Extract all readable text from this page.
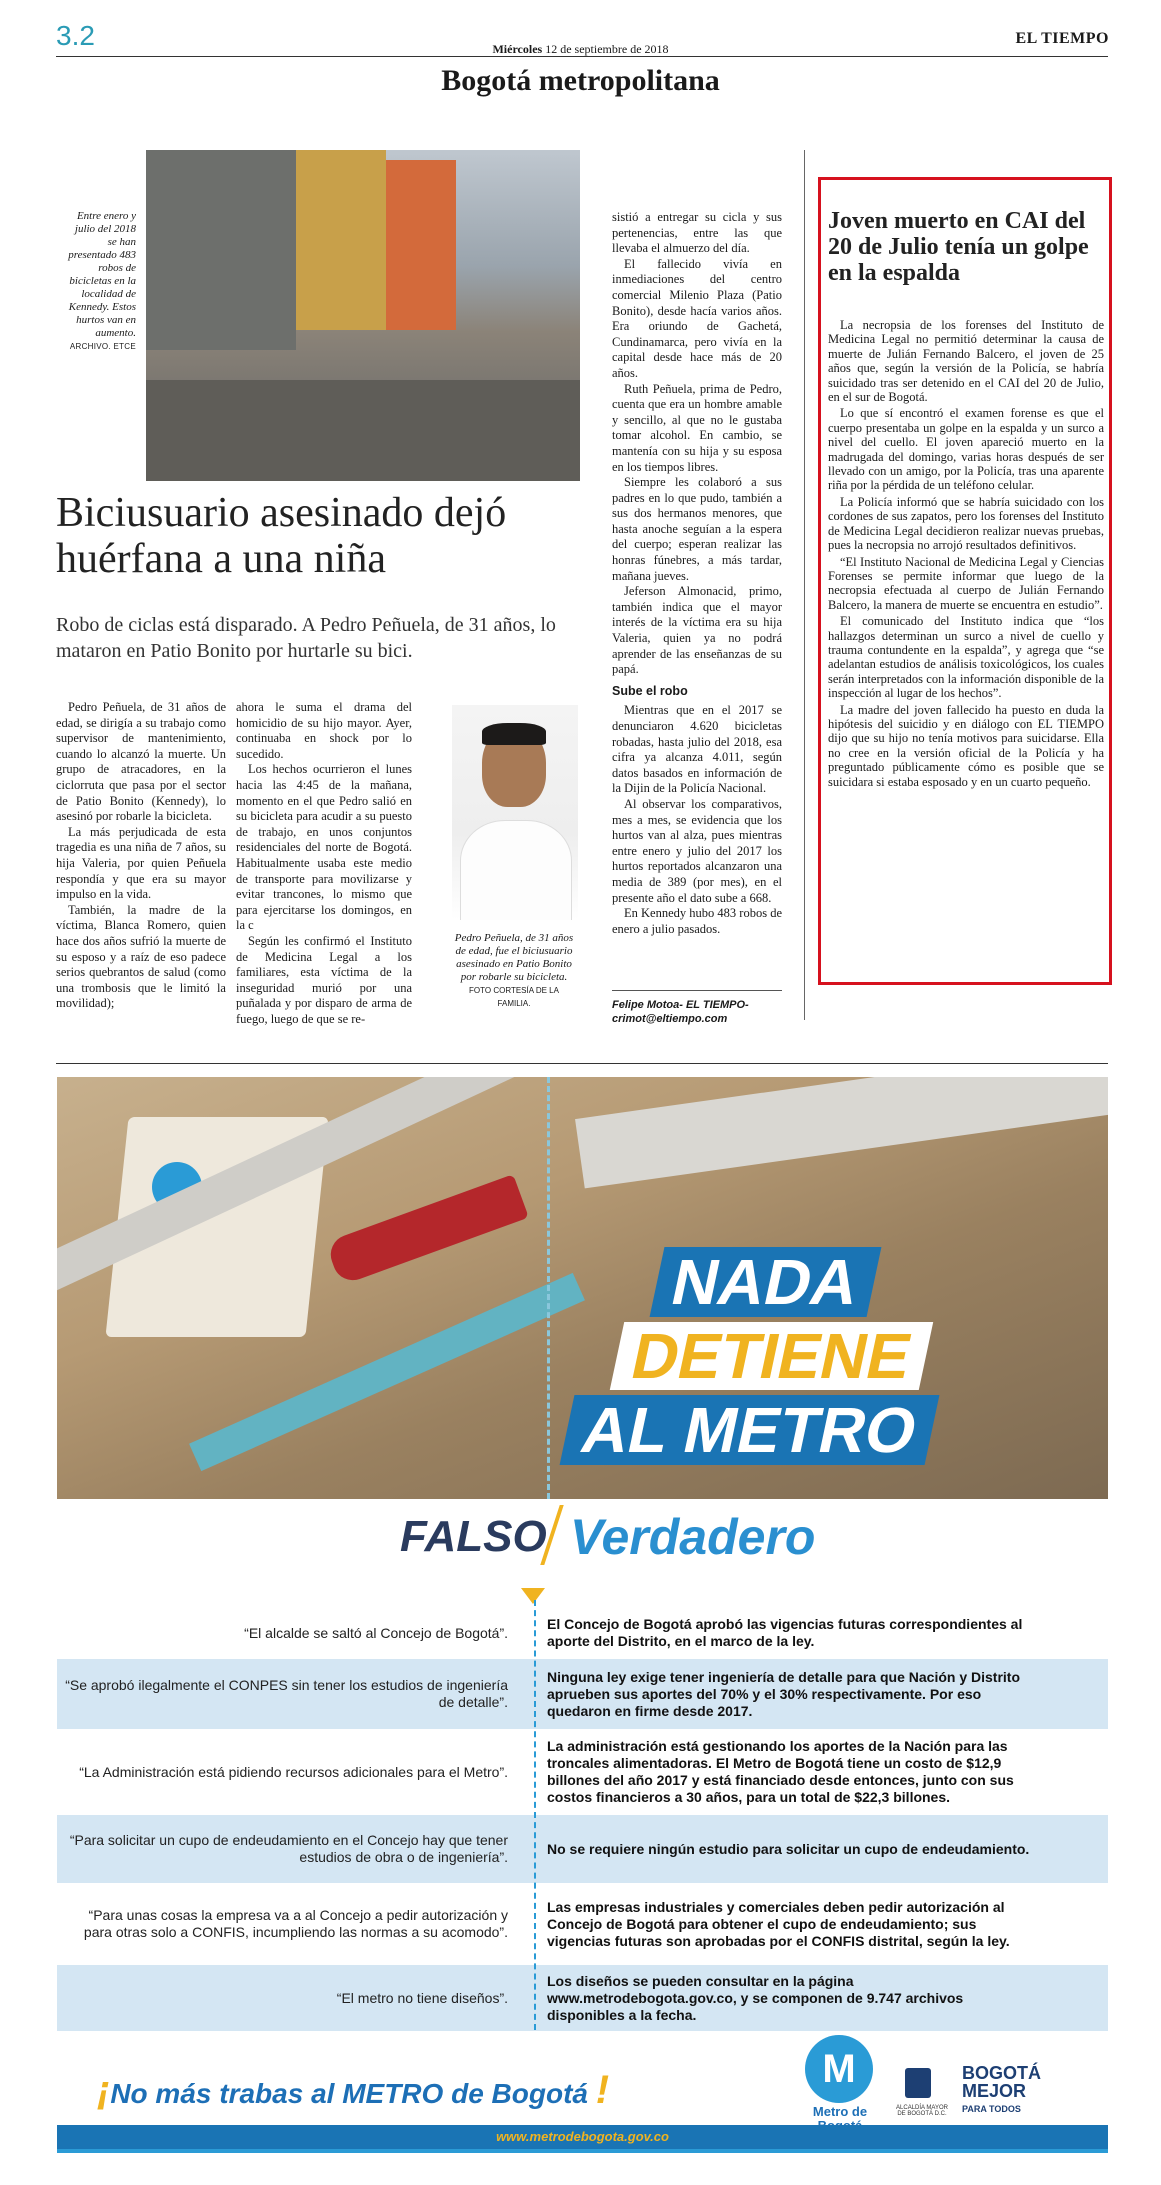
3.2	Miércoles 12 de septiembre de 2018
EL TIEMPO
Bogotá metropolitana
Entre enero y julio del 2018 se han presentado 483 robos de bicicletas en la localidad de Kennedy. Estos hurtos van en aumento.
ARCHIVO. ETCE
Biciusuario asesinado dejó huérfana a una niña
Robo de ciclas está disparado. A Pedro Peñuela, de 31 años, lo mataron en Patio Bonito por hurtarle su bici.

Pedro Peñuela, de 31 años de edad, se dirigía a su trabajo como supervisor de mantenimiento, cuando lo alcanzó la muerte. Un grupo de atracadores, en la ciclorruta que pasa por el sector de Patio Bonito (Kennedy), lo asesinó por robarle la bicicleta.

La más perjudicada de esta tragedia es una niña de 7 años, su hija Valeria, por quien Peñuela respondía y que era su mayor impulso en la vida.

También, la madre de la víctima, Blanca Romero, quien hace dos años sufrió la muerte de su esposo y a raíz de eso padece serios quebrantos de salud (como una trombosis que le limitó la movilidad);

ahora le suma el drama del homicidio de su hijo mayor. Ayer, continuaba en shock por lo sucedido.

Los hechos ocurrieron el lunes hacia las 4:45 de la mañana, momento en el que Pedro salió en su bicicleta para acudir a su puesto de trabajo, en unos conjuntos residenciales del norte de Bogotá. Habitualmente usaba este medio de transporte para movilizarse y evitar trancones, lo mismo que para ejercitarse los domingos, en la c

Según les confirmó el Instituto de Medicina Legal a los familiares, esta víctima de la inseguridad murió por una puñalada y por disparo de arma de fuego, luego de que se re-

Pedro Peñuela, de 31 años de edad, fue el biciusuario asesinado en Patio Bonito por robarle su bicicleta. FOTO CORTESÍA DE LA FAMILIA.

sistió a entregar su cicla y sus pertenencias, entre las que llevaba el almuerzo del día.

El fallecido vivía en inmediaciones del centro comercial Milenio Plaza (Patio Bonito), desde hacía varios años. Era oriundo de Gachetá, Cundinamarca, pero vivía en la capital desde hace más de 20 años.

Ruth Peñuela, prima de Pedro, cuenta que era un hombre amable y sencillo, al que no le gustaba tomar alcohol. En cambio, se mantenía con su hija y su esposa en los tiempos libres.

Siempre les colaboró a sus padres en lo que pudo, también a sus dos hermanos menores, que hasta anoche seguían a la espera del cuerpo; esperan realizar las honras fúnebres, a más tardar, mañana jueves.

Jeferson Almonacid, primo, también indica que el mayor interés de la víctima era su hija Valeria, quien ya no podrá aprender de las enseñanzas de su papá.

Sube el robo

Mientras que en el 2017 se denunciaron 4.620 bicicletas robadas, hasta julio del 2018, esa cifra ya alcanza 4.011, según datos basados en información de la Dijin de la Policía Nacional.

Al observar los comparativos, mes a mes, se evidencia que los hurtos van al alza, pues mientras entre enero y julio del 2017 los hurtos reportados alcanzaron una media de 389 (por mes), en el presente año el dato sube a 668.

En Kennedy hubo 483 robos de enero a julio pasados.

Felipe Motoa- EL TIEMPO-
crimot@eltiempo.com
Joven muerto en CAI del 20 de Julio tenía un golpe en la espalda

La necropsia de los forenses del Instituto de Medicina Legal no permitió determinar la causa de muerte de Julián Fernando Balcero, el joven de 25 años que, según la versión de la Policía, se habría suicidado tras ser detenido en el CAI del 20 de Julio, en el sur de Bogotá.

Lo que sí encontró el examen forense es que el cuerpo presentaba un golpe en la espalda y un surco a nivel del cuello. El joven apareció muerto en la madrugada del domingo, varias horas después de ser llevado con un amigo, por la Policía, tras una aparente riña por la pérdida de un teléfono celular.

La Policía informó que se habría suicidado con los cordones de sus zapatos, pero los forenses del Instituto de Medicina Legal decidieron realizar nuevas pruebas, pues la necropsia no arrojó resultados definitivos.

“El Instituto Nacional de Medicina Legal y Ciencias Forenses se permite informar que luego de la necropsia efectuada al cuerpo de Julián Fernando Balcero, la manera de muerte se encuentra en estudio”.

El comunicado del Instituto indica que “los hallazgos determinan un surco a nivel de cuello y trauma contundente en la espalda”, y agrega que “se adelantan estudios de análisis toxicológicos, los cuales serán interpretados con la información disponible de la inspección al lugar de los hechos”.

La madre del joven fallecido ha puesto en duda la hipótesis del suicidio y en diálogo con EL TIEMPO dijo que su hijo no tenía motivos para suicidarse. Ella no cree en la versión oficial de la Policía y ha preguntado públicamente cómo es posible que se suicidara si estaba esposado y en un cuarto pequeño.

NADA
DETIENE
AL METRO
FALSO Verdadero
“El alcalde se saltó al Concejo de Bogotá”.
El Concejo de Bogotá aprobó las vigencias futuras correspondientes al aporte del Distrito, en el marco de la ley.
“Se aprobó ilegalmente el CONPES sin tener los estudios de ingeniería de detalle”.
Ninguna ley exige tener ingeniería de detalle para que Nación y Distrito aprueben sus aportes del 70% y el 30% respectivamente. Por eso quedaron en firme desde 2017.
“La Administración está pidiendo recursos adicionales para el Metro”.
La administración está gestionando los aportes de la Nación para las troncales alimentadoras. El Metro de Bogotá tiene un costo de $12,9 billones del año 2017 y está financiado desde entonces, junto con sus costos financieros a 30 años, para un total de $22,3 billones.
“Para solicitar un cupo de endeudamiento en el Concejo hay que tener estudios de obra o de ingeniería”.
No se requiere ningún estudio para solicitar un cupo de endeudamiento.
“Para unas cosas la empresa va a al Concejo a pedir autorización y para otras solo a CONFIS, incumpliendo las normas a su acomodo”.
Las empresas industriales y comerciales deben pedir autorización al Concejo de Bogotá para obtener el cupo de endeudamiento; sus vigencias futuras son aprobadas por el CONFIS distrital, según la ley.
“El metro no tiene diseños”.
Los diseños se pueden consultar en la página www.metrodebogota.gov.co, y se componen de 9.747 archivos disponibles a la fecha.
¡No más trabas al METRO de Bogotá !	M
Metro de	ALCALDÍA MAYOR DE BOGOTÁ D.C.
BOGOTÁ
MEJOR
PARA TODOS
www.metrodebogota.gov.co
